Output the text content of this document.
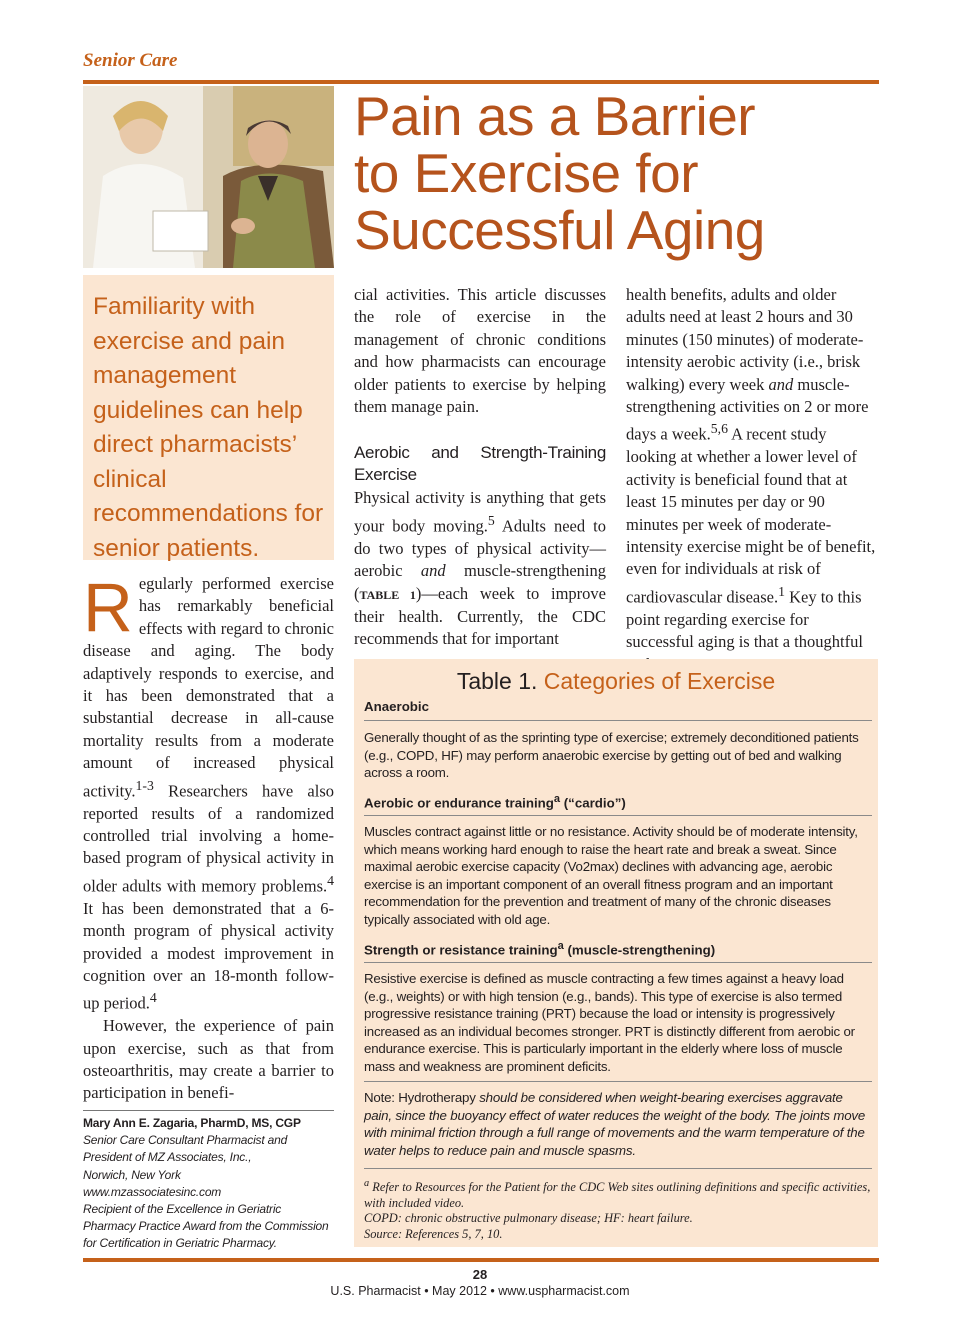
Senior Care
Pain as a Barrier
to Exercise for
Successful Aging
Familiarity with exercise and pain management guidelines can help direct pharmacists’ clinical recommendations for senior patients.

Regularly performed exercise has remarkably beneficial effects with regard to chronic disease and aging. The body adaptively responds to exercise, and it has been demonstrated that a substantial decrease in all-cause mortality results from a moderate amount of increased physical activity.$^{1-3}$ Researchers have also reported results of a randomized controlled trial involving a home-based program of physical activity in older adults with memory problems.$^4$ It has been demonstrated that a 6-month program of physical activity provided a modest improvement in cognition over an 18-month follow-up period.$^4$

However, the experience of pain upon exercise, such as that from osteoarthritis, may create a barrier to participation in benefi-

cial activities. This article discusses the role of exercise in the management of chronic conditions and how pharmacists can encourage older patients to exercise by helping them manage pain.

Aerobic and Strength-Training Exercise

Physical activity is anything that gets your body moving.$^5$ Adults need to do two types of physical activity—aerobic and muscle-strengthening (TABLE 1)—each week to improve their health. Currently, the CDC recommends that for important

health benefits, adults and older adults need at least 2 hours and 30 minutes (150 minutes) of moderate-intensity aerobic activity (i.e., brisk walking) every week and muscle-strengthening activities on 2 or more days a week.$^{5,6}$ A recent study looking at whether a lower level of activity is beneficial found that at least 15 minutes per day or 90 minutes per week of moderate-intensity exercise might be of benefit, even for individuals at risk of cardiovascular disease.$^1$ Key to this point regarding exercise for successful aging is that a thoughtful

Mary Ann E. Zagaria, PharmD, MS, CGP
Senior Care Consultant Pharmacist and
President of MZ Associates, Inc.,
Norwich, New York
www.mzassociatesinc.com
Recipient of the Excellence in Geriatric
Pharmacy Practice Award from the Commission
for Certification in Geriatric Pharmacy.
Table 1. Categories of Exercise
Anaerobic
Generally thought of as the sprinting type of exercise; extremely deconditioned patients (e.g., COPD, HF) may perform anaerobic exercise by getting out of bed and walking across a room.
Aerobic or endurance training$^a$ (“cardio”)
Muscles contract against little or no resistance. Activity should be of moderate intensity, which means working hard enough to raise the heart rate and break a sweat. Since maximal aerobic exercise capacity (Vo2max) declines with advancing age, aerobic exercise is an important component of an overall fitness program and an important recommendation for the prevention and treatment of many of the chronic diseases typically associated with old age.
Strength or resistance training$^a$ (muscle-strengthening)
Resistive exercise is defined as muscle contracting a few times against a heavy load (e.g., weights) or with high tension (e.g., bands). This type of exercise is also termed progressive resistance training (PRT) because the load or intensity is progressively increased as an individual becomes stronger. PRT is distinctly different from aerobic or endurance exercise. This is particularly important in the elderly where loss of muscle mass and weakness are prominent deficits.
Note: Hydrotherapy should be considered when weight-bearing exercises aggravate pain, since the buoyancy effect of water reduces the weight of the body. The joints move with minimal friction through a full range of movements and the warm temperature of the water helps to reduce pain and muscle spasms.
$^a$ Refer to Resources for the Patient for the CDC Web sites outlining definitions and specific activities, with included video.
COPD: chronic obstructive pulmonary disease; HF: heart failure.
Source: References 5, 7, 10.
28
U.S. Pharmacist • May 2012 • www.uspharmacist.com
